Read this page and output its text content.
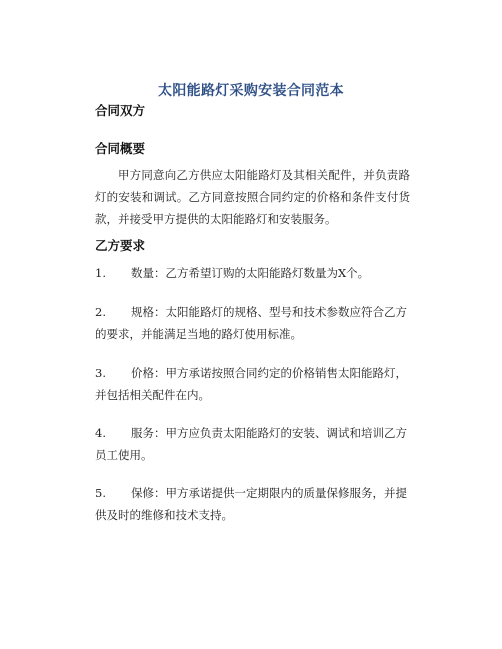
太阳能路灯采购安装合同范本
合同双方
合同概要
甲方同意向乙方供应太阳能路灯及其相关配件，并负责路灯的安装和调试。乙方同意按照合同约定的价格和条件支付货款，并接受甲方提供的太阳能路灯和安装服务。
乙方要求
1. 数量：乙方希望订购的太阳能路灯数量为X个。
2. 规格：太阳能路灯的规格、型号和技术参数应符合乙方的要求，并能满足当地的路灯使用标准。
3. 价格：甲方承诺按照合同约定的价格销售太阳能路灯，并包括相关配件在内。
4. 服务：甲方应负责太阳能路灯的安装、调试和培训乙方员工使用。
5. 保修：甲方承诺提供一定期限内的质量保修服务，并提供及时的维修和技术支持。
